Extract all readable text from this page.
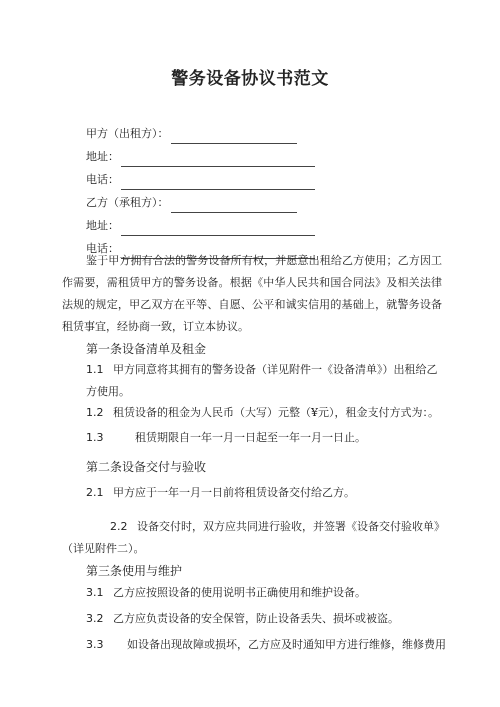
警务设备协议书范文
甲方（出租方）：
地址：
电话：
乙方（承租方）：
地址：
电话：
鉴于甲方拥有合法的警务设备所有权，并愿意出租给乙方使用；乙方因工作需要，需租赁甲方的警务设备。根据《中华人民共和国合同法》及相关法律法规的规定，甲乙双方在平等、自愿、公平和诚实信用的基础上，就警务设备租赁事宜，经协商一致，订立本协议。
第一条设备清单及租金
1.1 甲方同意将其拥有的警务设备（详见附件一《设备清单》）出租给乙方使用。
1.2 租赁设备的租金为人民币（大写）元整（¥元），租金支付方式为：。
1.3	租赁期限自一年一月一日起至一年一月一日止。
第二条设备交付与验收
2.1 甲方应于一年一月一日前将租赁设备交付给乙方。
2.2 设备交付时，双方应共同进行验收，并签署《设备交付验收单》（详见附件二）。
第三条使用与维护
3.1 乙方应按照设备的使用说明书正确使用和维护设备。
3.2 乙方应负责设备的安全保管，防止设备丢失、损坏或被盗。
3.3 如设备出现故障或损坏，乙方应及时通知甲方进行维修，维修费用
